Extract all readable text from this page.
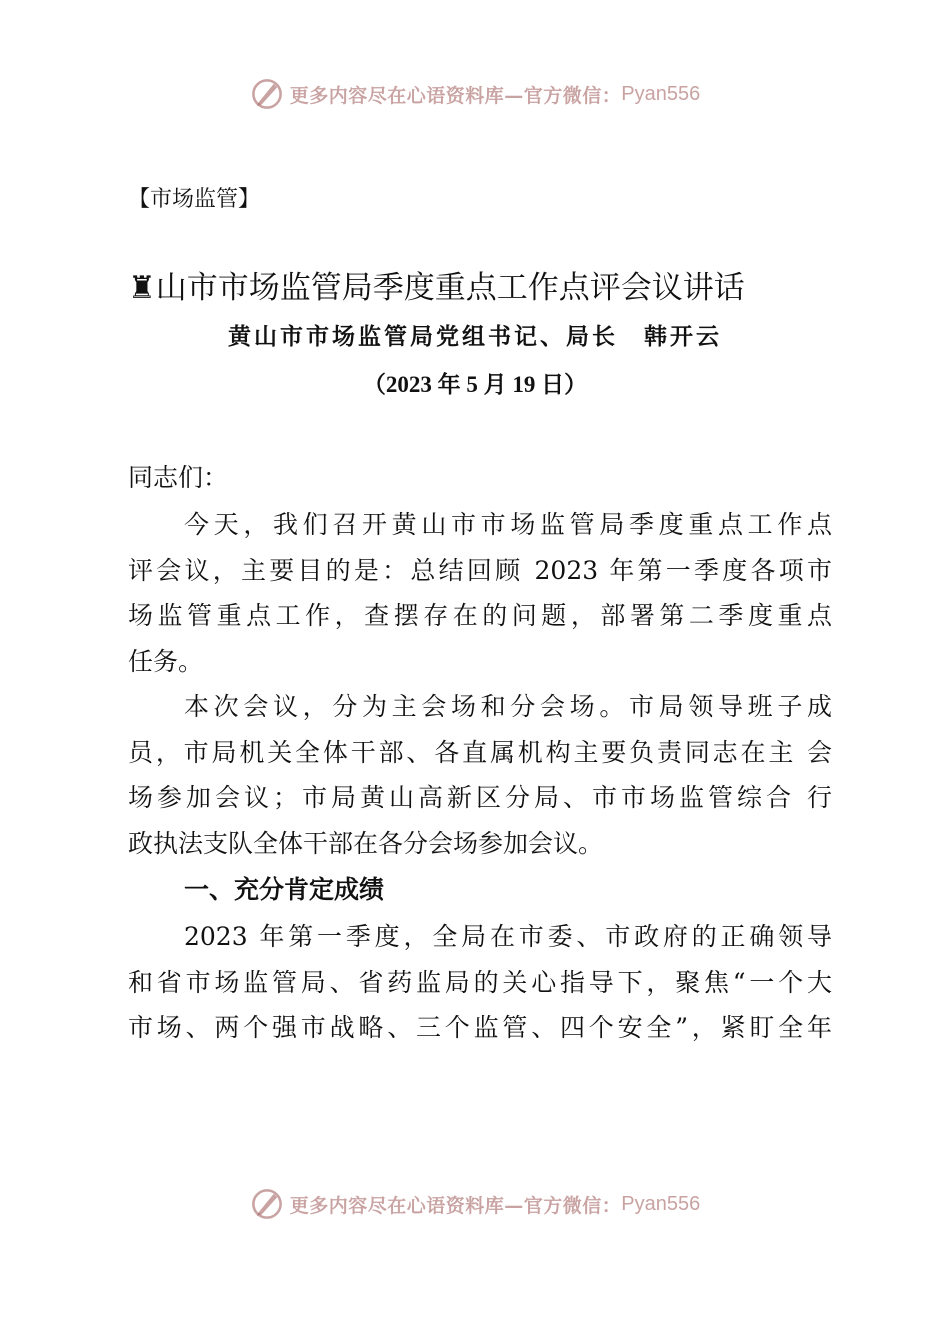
更多内容尽在心语资料库—官方微信： Pyan556
【市场监管】
♜山市市场监管局季度重点工作点评会议讲话
黄山市市场监管局党组书记、局长　韩开云
（2023 年 5 月 19 日）
同志们：
今天，我们召开黄山市市场监管局季度重点工作点
评会议，主要目的是：总结回顾 2023 年第一季度各项市
场监管重点工作，查摆存在的问题，部署第二季度重点
任务。
本次会议，分为主会场和分会场。市局领导班子成
员，市局机关全体干部、各直属机构主要负责同志在主 会
场参加会议；市局黄山高新区分局、市市场监管综合 行
政执法支队全体干部在各分会场参加会议。
一、充分肯定成绩
2023 年第一季度，全局在市委、市政府的正确领导
和省市场监管局、省药监局的关心指导下，聚焦“一个大
市场、两个强市战略、三个监管、四个安全”，紧盯全年
更多内容尽在心语资料库—官方微信： Pyan556
